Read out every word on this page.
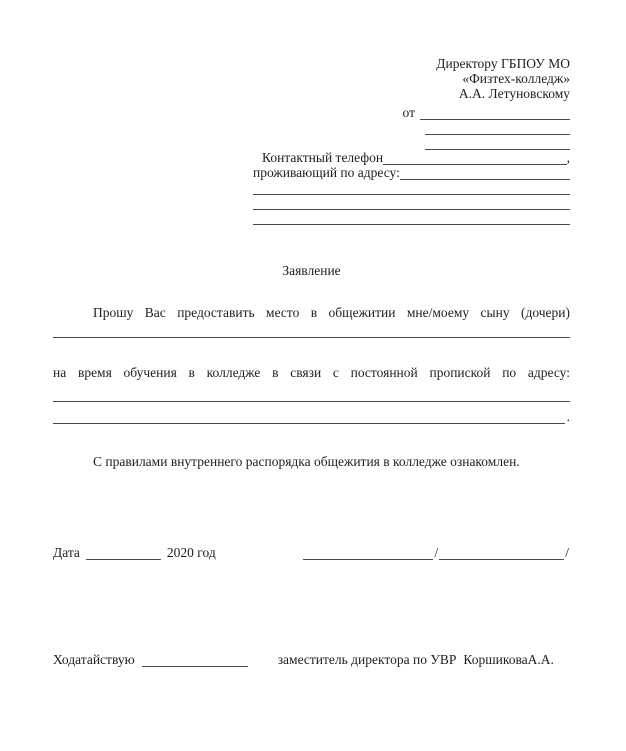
Директору ГБПОУ МО
«Физтех-колледж»
А.А. Летуновскому
от
Контактный телефон	,
проживающий по адресу:
Заявление
Прошу Вас предоставить место в общежитии мне/моему сыну (дочери)
на время обучения в колледже в связи с постоянной пропиской по адресу:
.
С правилами внутреннего распорядка общежития в колледже ознакомлен.
Дата	2020 год	/	/
Ходатайствую	заместитель директора по УВР КоршиковаА.А.
